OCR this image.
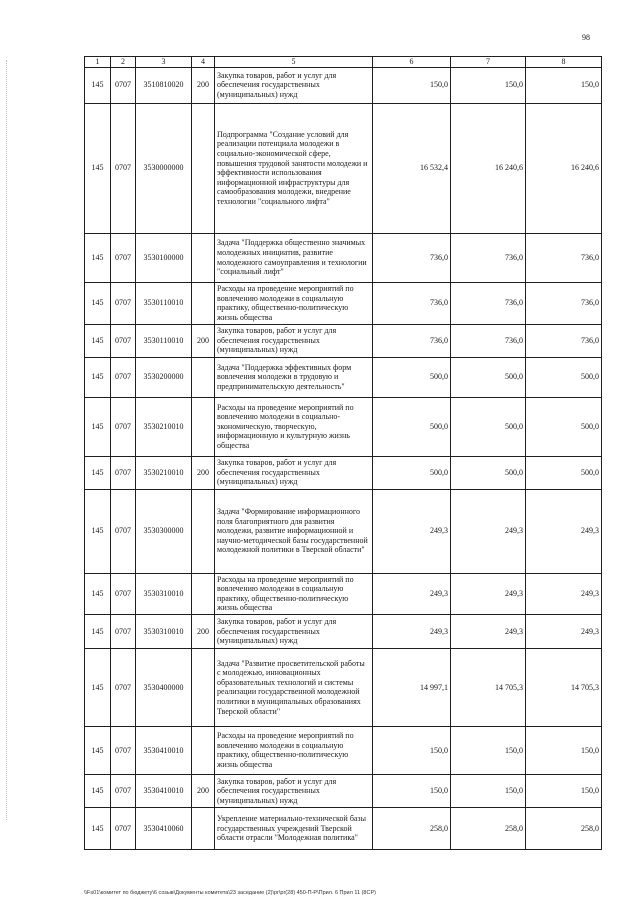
98
1	2	3	4	5	6	7	8
145	0707	3510810020	200	Закупка товаров, работ и услуг для обеспечения государственных (муниципальных) нужд	150,0	150,0	150,0
145	0707	3530000000		Подпрограмма "Создание условий для реализации потенциала молодежи в социально-экономической сфере, повышения трудовой занятости молодежи и эффективности использования информационной инфраструктуры для самообразования молодежи, внедрение технологии "социального лифта"	16 532,4	16 240,6	16 240,6
145	0707	3530100000		Задача "Поддержка общественно значимых молодежных инициатив, развитие молодежного самоуправления и технологии "социальный лифт"	736,0	736,0	736,0
145	0707	3530110010		Расходы на проведение мероприятий по вовлечению молодежи в социальную практику, общественно-политическую жизнь общества	736,0	736,0	736,0
145	0707	3530110010	200	Закупка товаров, работ и услуг для обеспечения государственных (муниципальных) нужд	736,0	736,0	736,0
145	0707	3530200000		Задача "Поддержка эффективных форм вовлечения молодежи в трудовую и предпринимательскую деятельность"	500,0	500,0	500,0
145	0707	3530210010		Расходы на проведение мероприятий по вовлечению молодежи в социально-экономическую, творческую, информационную и культурную жизнь общества	500,0	500,0	500,0
145	0707	3530210010	200	Закупка товаров, работ и услуг для обеспечения государственных (муниципальных) нужд	500,0	500,0	500,0
145	0707	3530300000		Задача "Формирование информационного поля благоприятного для развития молодежи, развитие информационной и научно-методической базы государственной молодежной политики в Тверской области"	249,3	249,3	249,3
145	0707	3530310010		Расходы на проведение мероприятий по вовлечению молодежи в социальную практику, общественно-политическую жизнь общества	249,3	249,3	249,3
145	0707	3530310010	200	Закупка товаров, работ и услуг для обеспечения государственных (муниципальных) нужд	249,3	249,3	249,3
145	0707	3530400000		Задача "Развитие просветительской работы с молодежью, инновационных образовательных технологий и системы реализации государственной молодежной политики в муниципальных образованиях Тверской области"	14 997,1	14 705,3	14 705,3
145	0707	3530410010		Расходы на проведение мероприятий по вовлечению молодежи в социальную практику, общественно-политическую жизнь общества	150,0	150,0	150,0
145	0707	3530410010	200	Закупка товаров, работ и услуг для обеспечения государственных (муниципальных) нужд	150,0	150,0	150,0
145	0707	3530410060		Укрепление материально-технической базы государственных учреждений Тверской области отрасли "Молодежная политика"	258,0	258,0	258,0
\\Fs01\комитет по бюджету\6 созыв\Документы комитета\23 заседание (2)\pr\pr(28) 450-П-Р\Прил. 6 Прил 11 (8СР)
